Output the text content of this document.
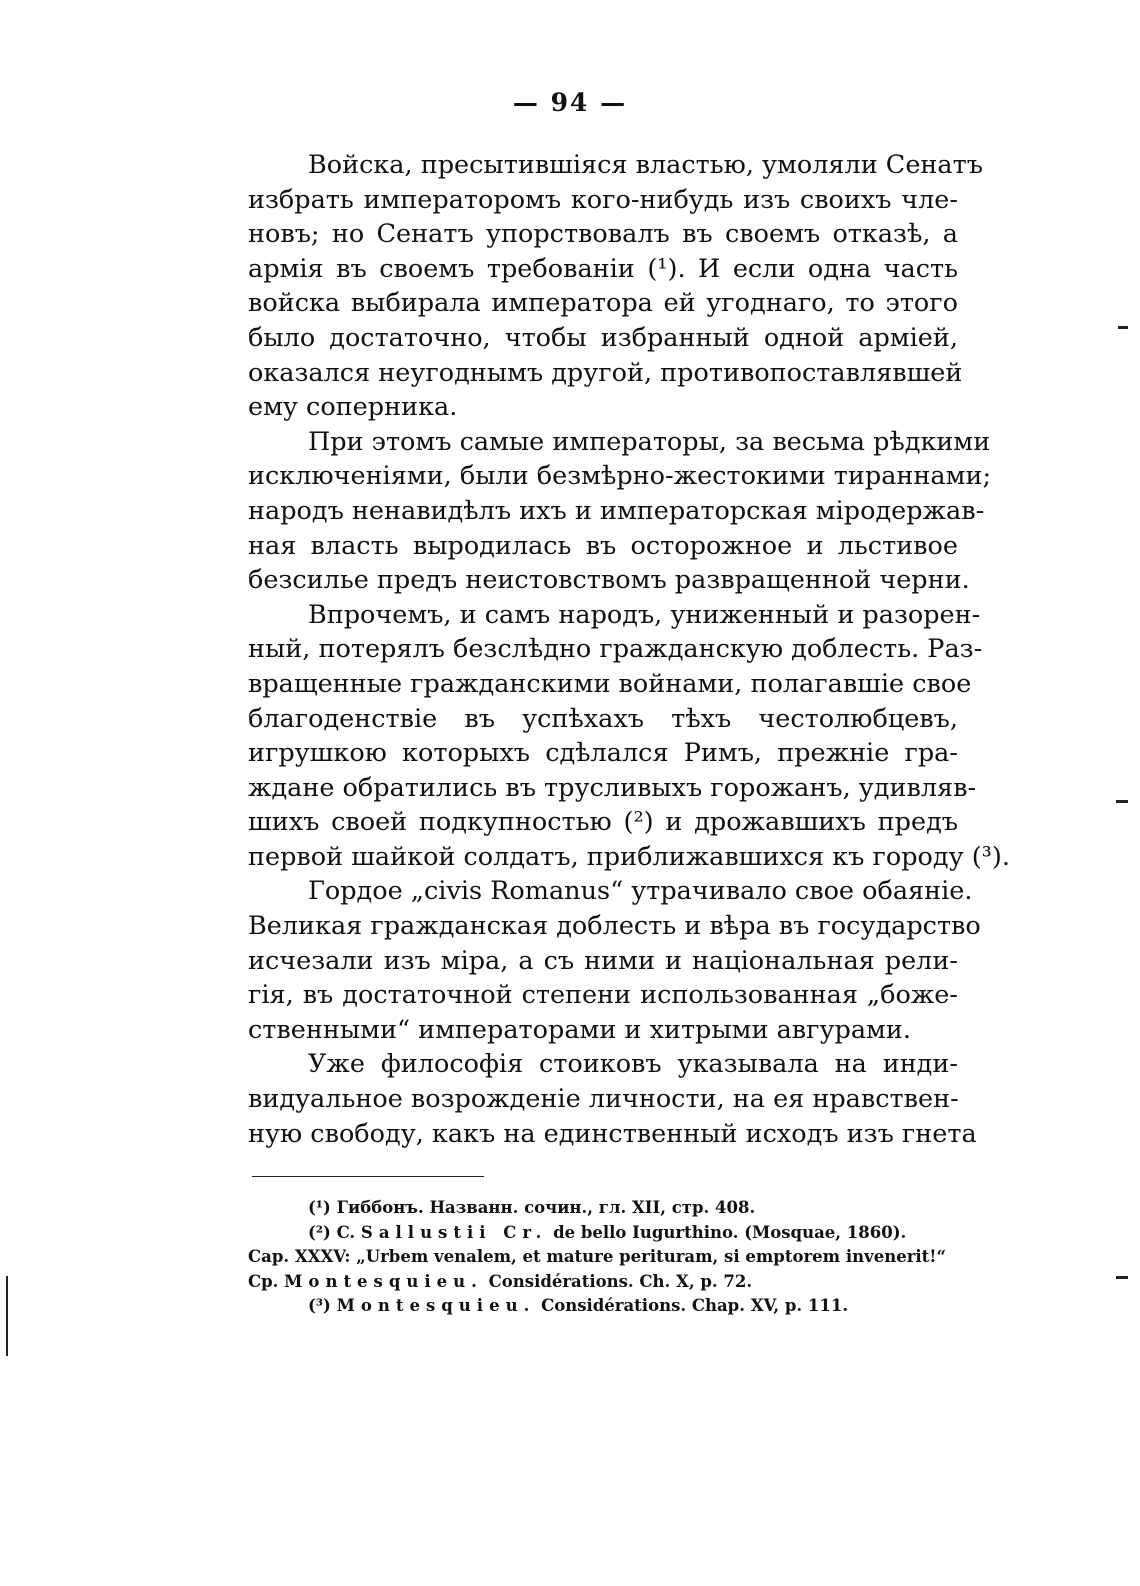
— 94 —
Войска, пресытившіяся властью, умоляли Сенатъ
избрать императоромъ кого-нибудь изъ своихъ чле-
новъ; но Сенатъ упорствовалъ въ своемъ отказѣ, а
армія въ своемъ требованіи (¹). И если одна часть
войска выбирала императора ей угоднаго, то этого
было достаточно, чтобы избранный одной арміей,
оказался неугоднымъ другой, противопоставлявшей
ему соперника.
При этомъ самые императоры, за весьма рѣдкими
исключеніями, были безмѣрно-жестокими тираннами;
народъ ненавидѣлъ ихъ и императорская міродержав-
ная власть выродилась въ осторожное и льстивое
безсилье предъ неистовствомъ развращенной черни.
Впрочемъ, и самъ народъ, униженный и разорен-
ный, потерялъ безслѣдно гражданскую доблесть. Раз-
вращенные гражданскими войнами, полагавшіе свое
благоденствіе въ успѣхахъ тѣхъ честолюбцевъ,
игрушкою которыхъ сдѣлался Римъ, прежніе гра-
ждане обратились въ трусливыхъ горожанъ, удивляв-
шихъ своей подкупностью (²) и дрожавшихъ предъ
первой шайкой солдатъ, приближавшихся къ городу (³).
Гордое „civis Romanus“ утрачивало свое обаяніе.
Великая гражданская доблесть и вѣра въ государство
исчезали изъ міра, а съ ними и національная рели-
гія, въ достаточной степени использованная „боже-
ственными“ императорами и хитрыми авгурами.
Уже философія стоиковъ указывала на инди-
видуальное возрожденіе личности, на ея нравствен-
ную свободу, какъ на единственный исходъ изъ гнета
(¹) Гиббонъ. Названн. сочин., гл. XII, стр. 408.
(²) C. Sallustii Cr. de bello Iugurthino. (Mosquae, 1860).
Cap. XXXV: „Urbem venalem, et mature perituram, si emptorem invenerit!“
Cp. Montesquieu. Considérations. Ch. X, p. 72.
(³) Montesquieu. Considérations. Chap. XV, p. 111.
